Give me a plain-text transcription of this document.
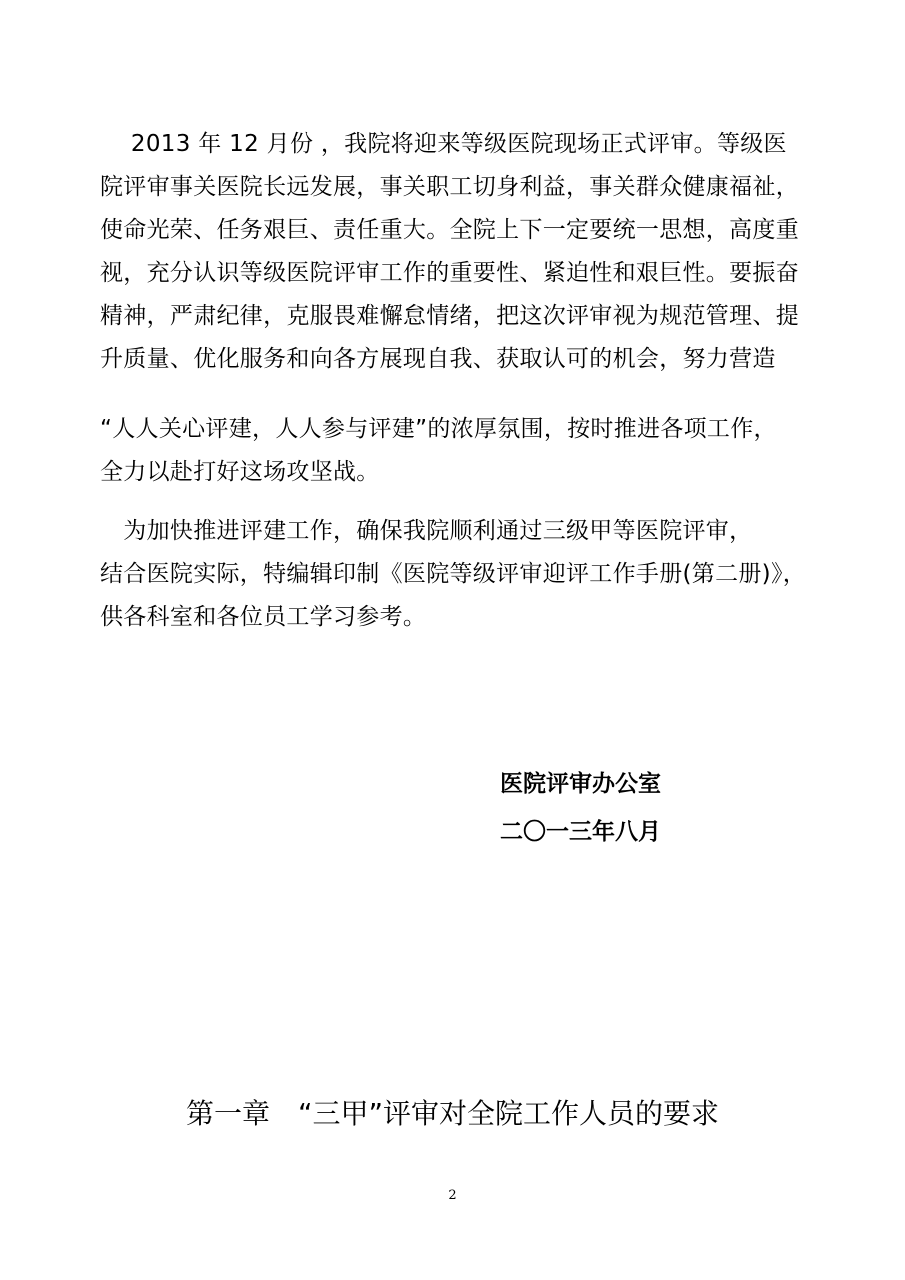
　 2013 年 12 月份 ，我院将迎来等级医院现场正式评审。等级医
院评审事关医院长远发展，事关职工切身利益，事关群众健康福祉，
使命光荣、任务艰巨、责任重大。全院上下一定要统一思想，高度重
视，充分认识等级医院评审工作的重要性、紧迫性和艰巨性。要振奋
精神，严肃纪律，克服畏难懈怠情绪，把这次评审视为规范管理、提
升质量、优化服务和向各方展现自我、获取认可的机会，努力营造
“人人关心评建，人人参与评建”的浓厚氛围，按时推进各项工作，
全力以赴打好这场攻坚战。
　为加快推进评建工作，确保我院顺利通过三级甲等医院评审，
结合医院实际，特编辑印制《医院等级评审迎评工作手册(第二册)》，
供各科室和各位员工学习参考。
医院评审办公室
二〇一三年八月
第一章　“三甲”评审对全院工作人员的要求
2
